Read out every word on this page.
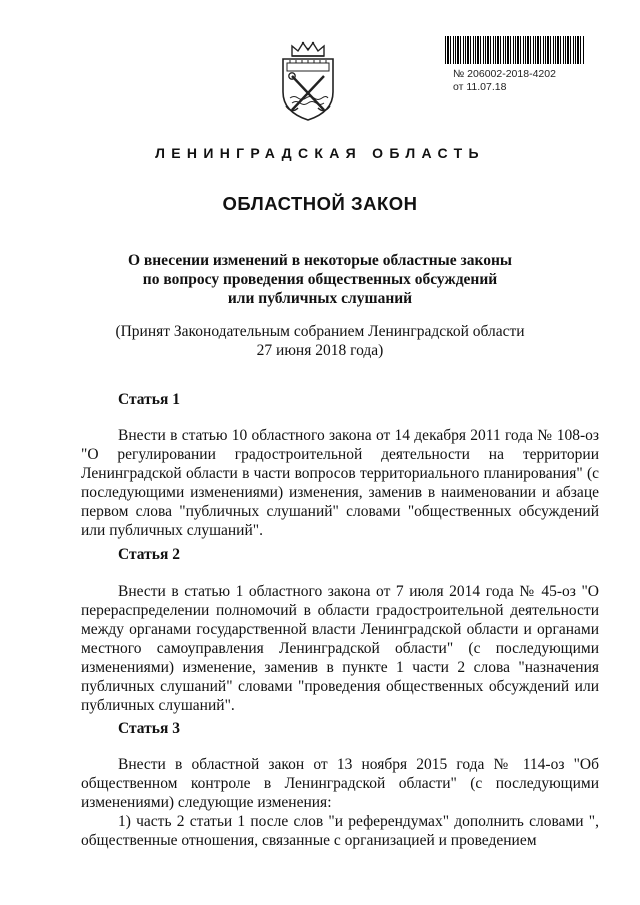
№ 206002-2018-4202
от 11.07.18
ЛЕНИНГРАДСКАЯ ОБЛАСТЬ
ОБЛАСТНОЙ ЗАКОН
О внесении изменений в некоторые областные законы
по вопросу проведения общественных обсуждений
или публичных слушаний
(Принят Законодательным собранием Ленинградской области
27 июня 2018 года)
Статья 1
Внести в статью 10 областного закона от 14 декабря 2011 года № 108-оз "О регулировании градостроительной деятельности на территории Ленинградской области в части вопросов территориального планирования" (с последующими изменениями) изменения, заменив в наименовании и абзаце первом слова "публичных слушаний" словами "общественных обсуждений или публичных слушаний".
Статья 2
Внести в статью 1 областного закона от 7 июля 2014 года № 45-оз "О перераспределении полномочий в области градостроительной деятельности между органами государственной власти Ленинградской области и органами местного самоуправления Ленинградской области" (с последующими изменениями) изменение, заменив в пункте 1 части 2 слова "назначения публичных слушаний" словами "проведения общественных обсуждений или публичных слушаний".
Статья 3
Внести в областной закон от 13 ноября 2015 года № 114-оз "Об общественном контроле в Ленинградской области" (с последующими изменениями) следующие изменения:
1) часть 2 статьи 1 после слов "и референдумах" дополнить словами ", общественные отношения, связанные с организацией и проведением
